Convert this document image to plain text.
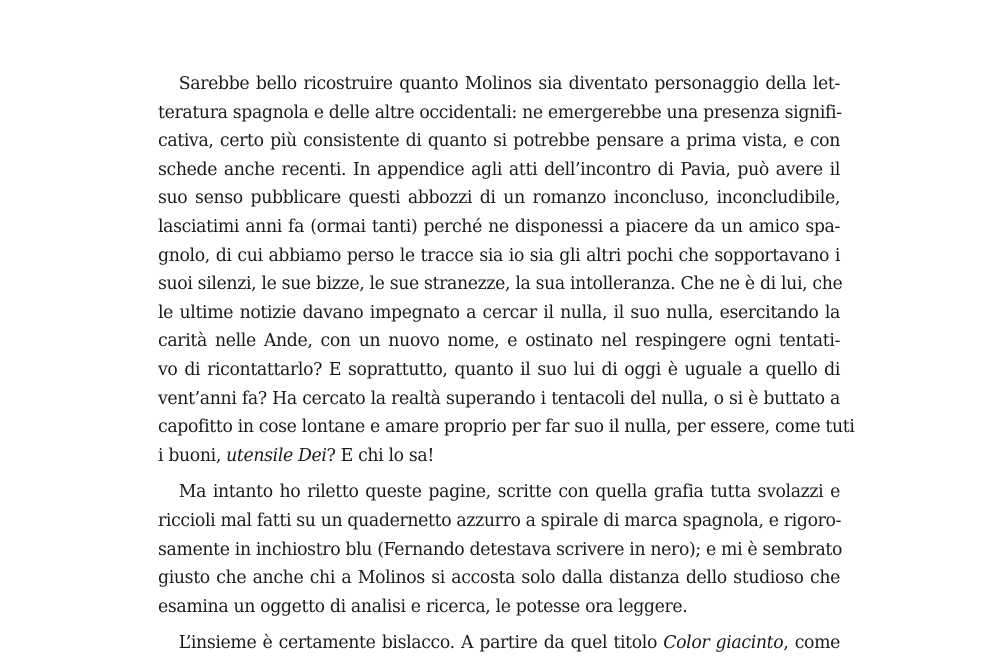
Sarebbe bello ricostruire quanto Molinos sia diventato personaggio della let-
teratura spagnola e delle altre occidentali: ne emergerebbe una presenza signifi-
cativa, certo più consistente di quanto si potrebbe pensare a prima vista, e con
schede anche recenti. In appendice agli atti dell’incontro di Pavia, può avere il
suo senso pubblicare questi abbozzi di un romanzo inconcluso, inconcludibile,
lasciatimi anni fa (ormai tanti) perché ne disponessi a piacere da un amico spa-
gnolo, di cui abbiamo perso le tracce sia io sia gli altri pochi che sopportavano i
suoi silenzi, le sue bizze, le sue stranezze, la sua intolleranza. Che ne è di lui, che
le ultime notizie davano impegnato a cercar il nulla, il suo nulla, esercitando la
carità nelle Ande, con un nuovo nome, e ostinato nel respingere ogni tentati-
vo di ricontattarlo? E soprattutto, quanto il suo lui di oggi è uguale a quello di
vent’anni fa? Ha cercato la realtà superando i tentacoli del nulla, o si è buttato a
capofitto in cose lontane e amare proprio per far suo il nulla, per essere, come tuti
i buoni, utensile Dei? E chi lo sa!

Ma intanto ho riletto queste pagine, scritte con quella grafia tutta svolazzi e
riccioli mal fatti su un quadernetto azzurro a spirale di marca spagnola, e rigoro-
samente in inchiostro blu (Fernando detestava scrivere in nero); e mi è sembrato
giusto che anche chi a Molinos si accosta solo dalla distanza dello studioso che
esamina un oggetto di analisi e ricerca, le potesse ora leggere.

L’insieme è certamente bislacco. A partire da quel titolo Color giacinto, come
